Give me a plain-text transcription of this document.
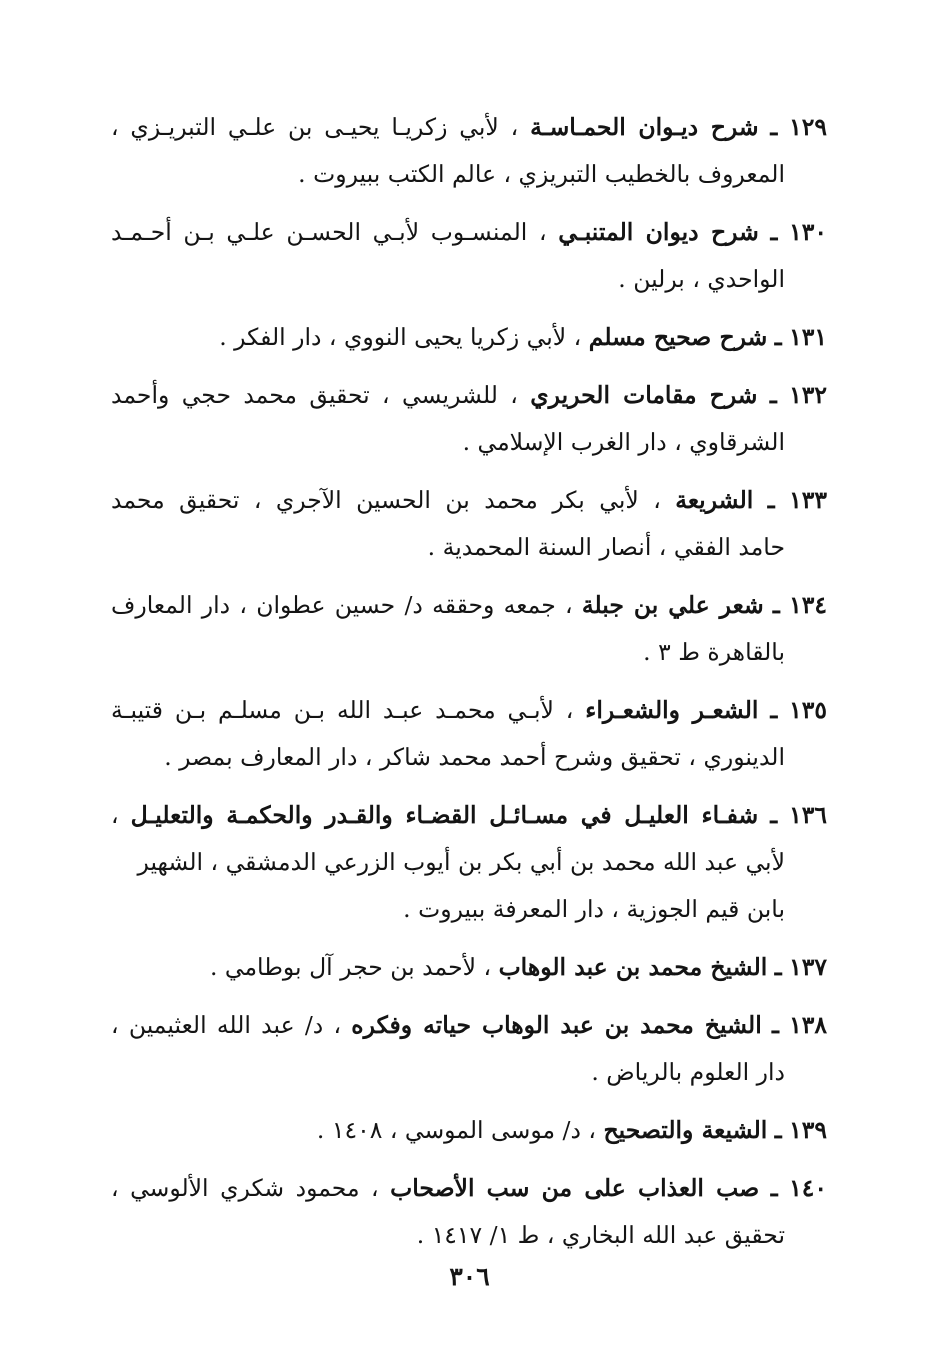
١٢٩ ـ شرح ديـوان الحمـاسـة ، لأبي زكريـا يحيـى بن علـي التبريـزي ،
المعروف بالخطيب التبريزي ، عالم الكتب ببيروت .
١٣٠ ـ شرح ديوان المتنبـي ، المنسـوب لأبـي الحسـن علـي بـن أحـمـد
الواحدي ، برلين .
١٣١ ـ شرح صحيح مسلم ، لأبي زكريا يحيى النووي ، دار الفكر .
١٣٢ ـ شرح مقامات الحريري ، للشريسي ، تحقيق محمد حجي وأحمد
الشرقاوي ، دار الغرب الإسلامي .
١٣٣ ـ الشريعة ، لأبي بكر محمد بن الحسين الآجري ، تحقيق محمد
حامد الفقي ، أنصار السنة المحمدية .
١٣٤ ـ شعر علي بن جبلة ، جمعه وحققه د/ حسين عطوان ، دار المعارف
بالقاهرة ط ٣ .
١٣٥ ـ الشعـر والشعـراء ، لأبـي محمـد عبـد الله بـن مسلـم بـن قتيبـة
الدينوري ، تحقيق وشرح أحمد محمد شاكر ، دار المعارف بمصر .
١٣٦ ـ شفـاء العليـل في مسـائـل القضـاء والقـدر والحكمـة والتعليـل ،
لأبي عبد الله محمد بن أبي بكر بن أيوب الزرعي الدمشقي ، الشهير
بابن قيم الجوزية ، دار المعرفة ببيروت .
١٣٧ ـ الشيخ محمد بن عبد الوهاب ، لأحمد بن حجر آل بوطامي .
١٣٨ ـ الشيخ محمد بن عبد الوهاب حياته وفكره ، د/ عبد الله العثيمين ،
دار العلوم بالرياض .
١٣٩ ـ الشيعة والتصحيح ، د/ موسى الموسي ، ١٤٠٨ .
١٤٠ ـ صب العذاب على من سب الأصحاب ، محمود شكري الألوسي ،
تحقيق عبد الله البخاري ، ط ١/ ١٤١٧ .
٣٠٦
